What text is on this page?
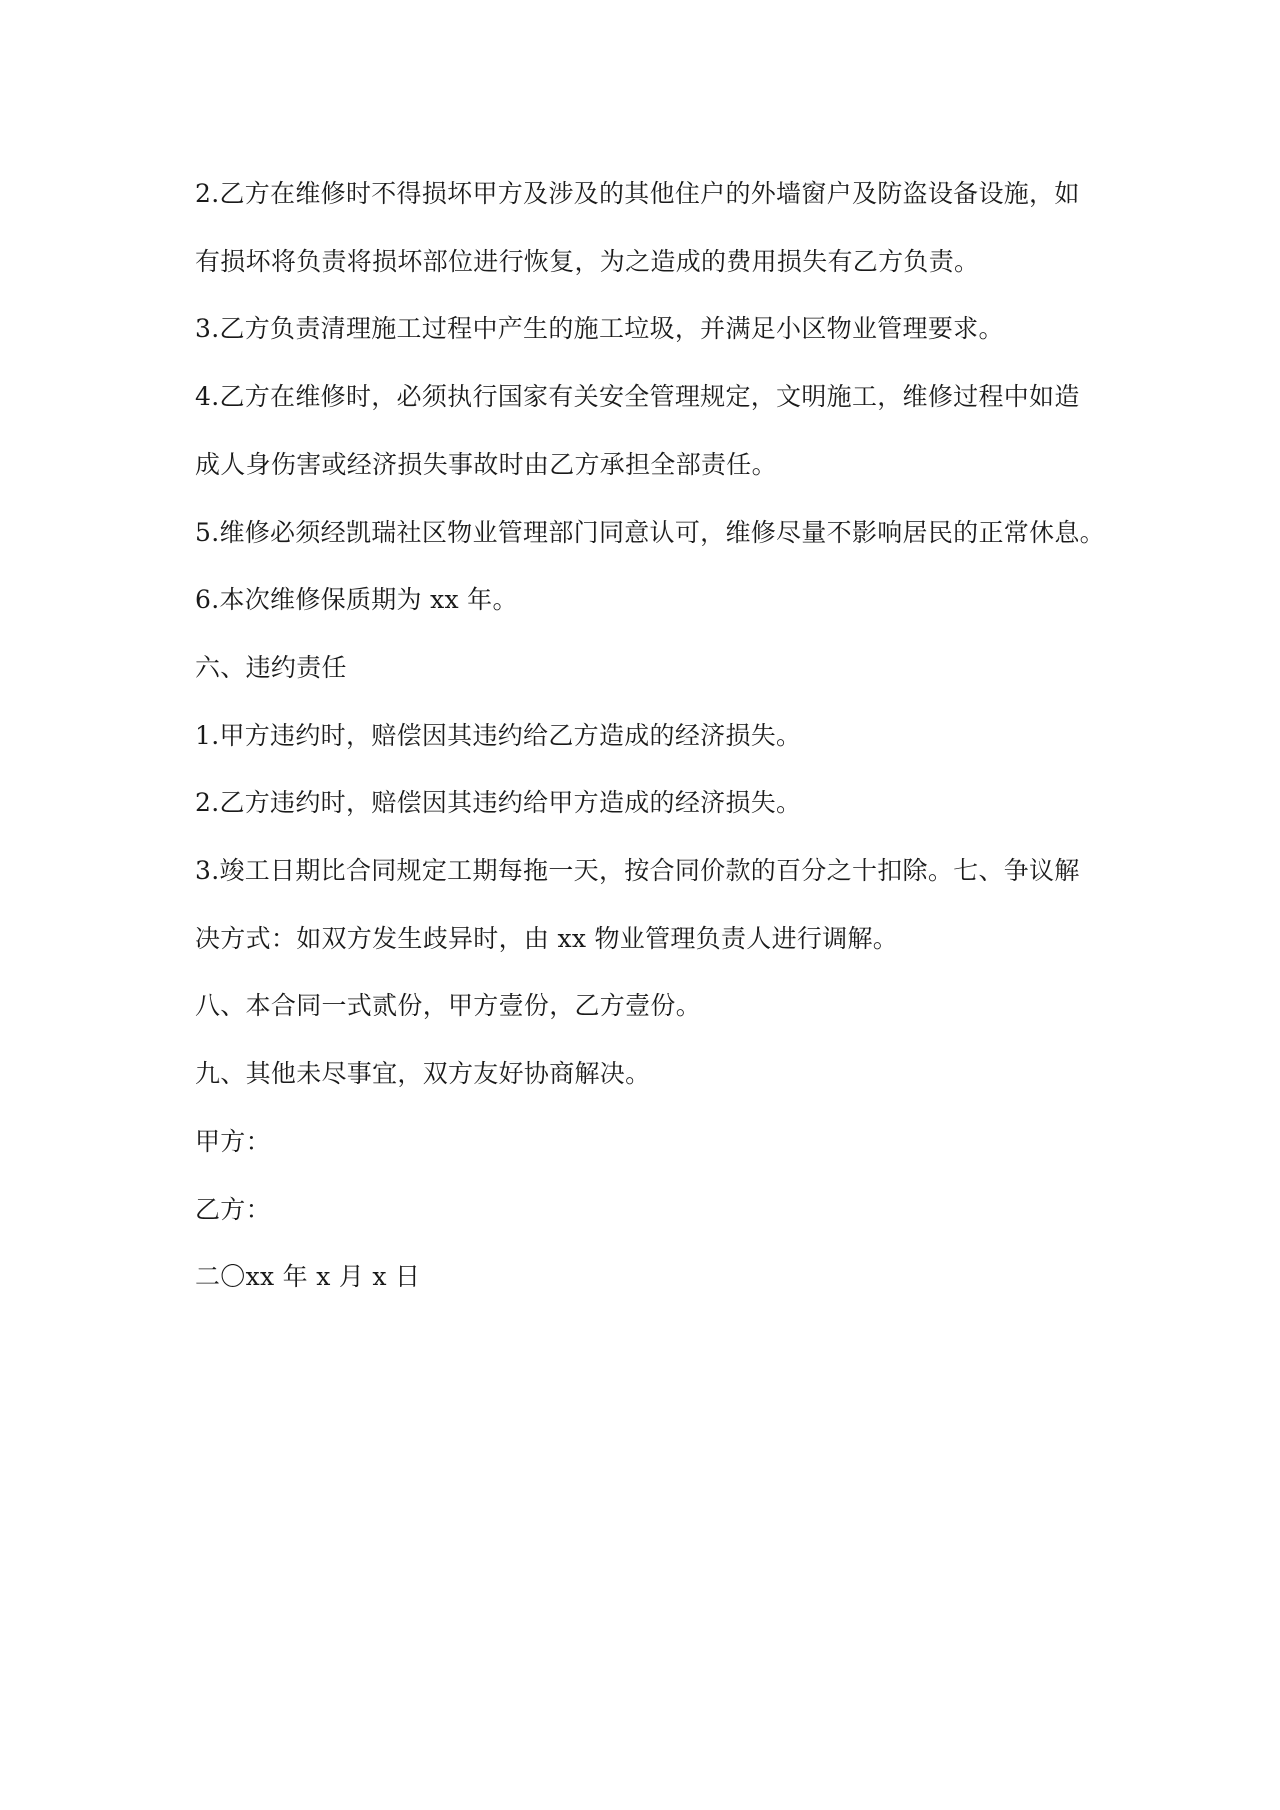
2.乙方在维修时不得损坏甲方及涉及的其他住户的外墙窗户及防盗设备设施，如

有损坏将负责将损坏部位进行恢复，为之造成的费用损失有乙方负责。

3.乙方负责清理施工过程中产生的施工垃圾，并满足小区物业管理要求。

4.乙方在维修时，必须执行国家有关安全管理规定，文明施工，维修过程中如造

成人身伤害或经济损失事故时由乙方承担全部责任。

5.维修必须经凯瑞社区物业管理部门同意认可，维修尽量不影响居民的正常休息。

6.本次维修保质期为 xx 年。

六、违约责任

1.甲方违约时，赔偿因其违约给乙方造成的经济损失。

2.乙方违约时，赔偿因其违约给甲方造成的经济损失。

3.竣工日期比合同规定工期每拖一天，按合同价款的百分之十扣除。七、争议解

决方式：如双方发生歧异时，由 xx 物业管理负责人进行调解。

八、本合同一式贰份，甲方壹份，乙方壹份。

九、其他未尽事宜，双方友好协商解决。

甲方：

乙方：

二〇xx 年 x 月 x 日
